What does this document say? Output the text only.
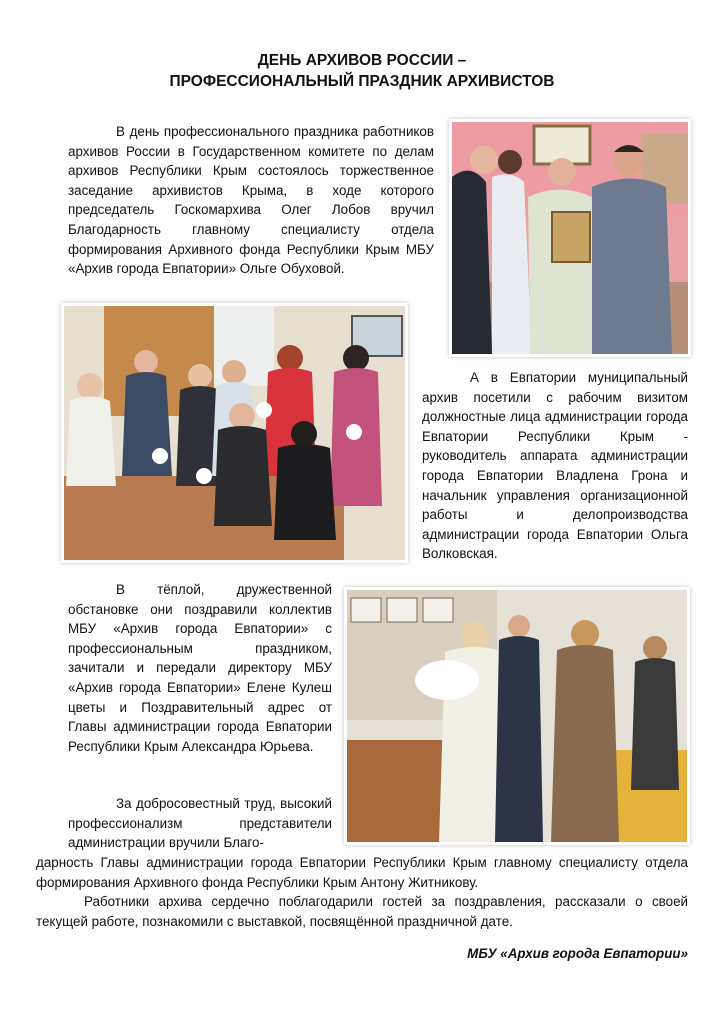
ДЕНЬ АРХИВОВ РОССИИ –
ПРОФЕССИОНАЛЬНЫЙ ПРАЗДНИК АРХИВИСТОВ
В день профессионального праздника работников архивов России в Государственном комитете по делам архивов Республики Крым состоялось торжественное заседание архивистов Крыма, в ходе которого председатель Госкомархива Олег Лобов вручил Благодарность главному специалисту отдела формирования Архивного фонда Республики Крым МБУ «Архив города Евпатории» Ольге Обуховой.
А в Евпатории муниципальный архив посетили с рабочим визитом должностные лица администрации города Евпатории Республики Крым - руководитель аппарата администрации города Евпатории Владлена Грона и начальник управления организационной работы и делопроизводства администрации города Евпатории Ольга Волковская.
В тёплой, дружественной обстановке они поздравили коллектив МБУ «Архив города Евпатории» с профессиональным праздником, зачитали и передали директору МБУ «Архив города Евпатории» Елене Кулеш цветы и Поздравительный адрес от Главы администрации города Евпатории Республики Крым Александра Юрьева.
За добросовестный труд, высокий профессионализм представители администрации вручили Благо-
дарность Главы администрации города Евпатории Республики Крым главному специалисту отдела формирования Архивного фонда Республики Крым Антону Житникову.
Работники архива сердечно поблагодарили гостей за поздравления, рассказали о своей текущей работе, познакомили с выставкой, посвящённой праздничной дате.
МБУ «Архив города Евпатории»
